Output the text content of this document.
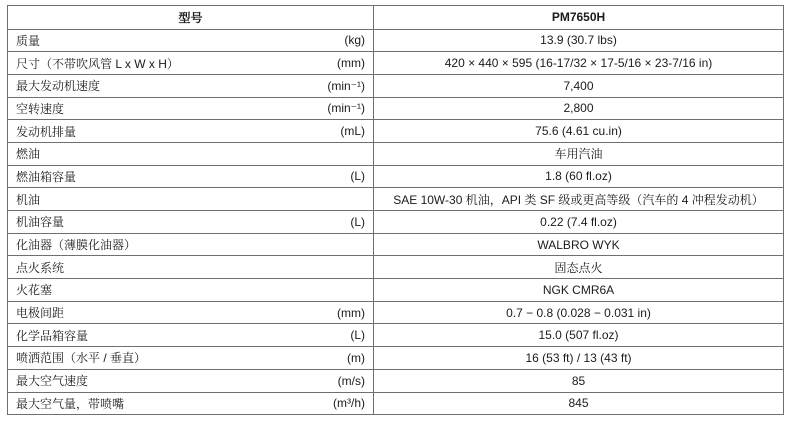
型号	PM7650H

质量 (kg)	13.9 (30.7 lbs)

尺寸（不带吹风管 L x W x H） (mm)	420 × 440 × 595 (16-17/32 × 17-5/16 × 23-7/16 in)

最大发动机速度 (min⁻¹)	7,400

空转速度 (min⁻¹)	2,800

发动机排量 (mL)	75.6 (4.61 cu.in)

燃油	车用汽油

燃油箱容量 (L)	1.8 (60 fl.oz)

机油	SAE 10W-30 机油，API 类 SF 级或更高等级（汽车的 4 冲程发动机）

机油容量 (L)	0.22 (7.4 fl.oz)

化油器（薄膜化油器）	WALBRO WYK

点火系统	固态点火

火花塞	NGK CMR6A

电极间距 (mm)	0.7 − 0.8 (0.028 − 0.031 in)

化学品箱容量 (L)	15.0 (507 fl.oz)

喷洒范围（水平 / 垂直） (m)	16 (53 ft) / 13 (43 ft)

最大空气速度 (m/s)	85

最大空气量，带喷嘴 (m³/h)	845
